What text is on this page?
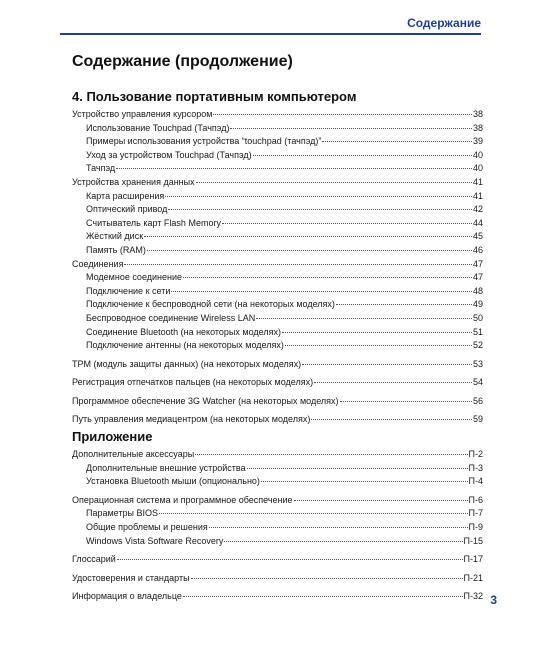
Содержание
Содержание (продолжение)
4. Пользование портативным компьютером
Устройство управления курсором	38
Использование Touchpad (Тачпэд)	38
Примеры использования устройства “touchpad (тачпэд)”	39
Уход за устройством Touchpad (Тачпэд)	40
Тачпэд	40
Устройства хранения данных	41
Карта расширения	41
Оптический привод	42
Считыватель карт Flash Memory	44
Жёсткий диск	45
Память (RAM)	46
Соединения	47
Модемное соединение	47
Подключение к сети	48
Подключение к беспроводной сети (на некоторых моделях)	49
Беспроводное соединение Wireless LAN	50
Соединение Bluetooth (на некоторых моделях)	51
Подключение антенны (на некоторых моделях)	52
TPM (модуль защиты данных) (на некоторых моделях)	53
Регистрация отпечатков пальцев (на некоторых моделях)	54
Программное обеспечение 3G Watcher (на некоторых моделях)	56
Путь управления медиацентром (на некоторых моделях)	59
Приложение
Дополнительные аксессуары	П-2
Дополнительные внешние устройства	П-3
Установка Bluetooth мыши (опционально)	П-4
Операционная система и программное обеспечение	П-6
Параметры BIOS	П-7
Общие проблемы и решения	П-9
Windows Vista Software Recovery	П-15
Глоссарий	П-17
Удостоверения и стандарты	П-21
Информация о владельце	П-32 3
